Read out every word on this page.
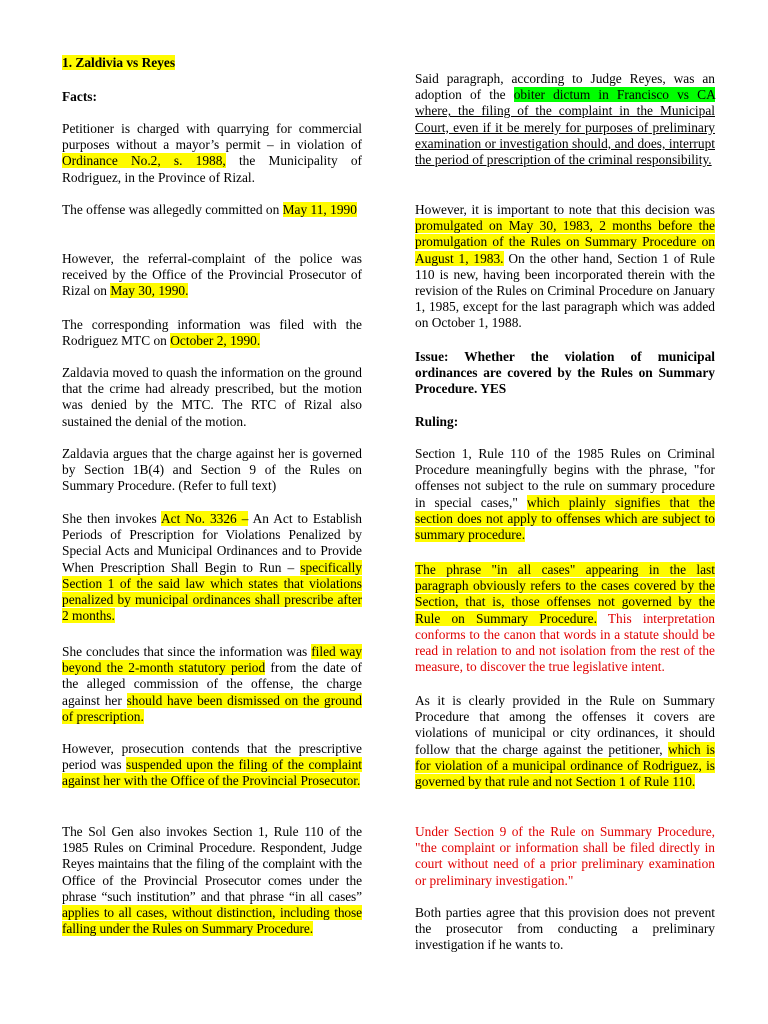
1. Zaldivia vs Reyes

Facts:

Petitioner is charged with quarrying for commercial purposes without a mayor’s permit – in violation of Ordinance No.2, s. 1988, the Municipality of Rodriguez, in the Province of Rizal.

The offense was allegedly committed on May 11, 1990

However, the referral-complaint of the police was received by the Office of the Provincial Prosecutor of Rizal on May 30, 1990.

The corresponding information was filed with the Rodriguez MTC on October 2, 1990.

Zaldavia moved to quash the information on the ground that the crime had already prescribed, but the motion was denied by the MTC. The RTC of Rizal also sustained the denial of the motion.

Zaldavia argues that the charge against her is governed by Section 1B(4) and Section 9 of the Rules on Summary Procedure. (Refer to full text)

She then invokes Act No. 3326 – An Act to Establish Periods of Prescription for Violations Penalized by Special Acts and Municipal Ordinances and to Provide When Prescription Shall Begin to Run – specifically Section 1 of the said law which states that violations penalized by municipal ordinances shall prescribe after 2 months.

She concludes that since the information was filed way beyond the 2-month statutory period from the date of the alleged commission of the offense, the charge against her should have been dismissed on the ground of prescription.

However, prosecution contends that the prescriptive period was suspended upon the filing of the complaint against her with the Office of the Provincial Prosecutor.

The Sol Gen also invokes Section 1, Rule 110 of the 1985 Rules on Criminal Procedure. Respondent, Judge Reyes maintains that the filing of the complaint with the Office of the Provincial Prosecutor comes under the phrase “such institution” and that phrase “in all cases” applies to all cases, without distinction, including those falling under the Rules on Summary Procedure.

Said paragraph, according to Judge Reyes, was an adoption of the obiter dictum in Francisco vs CA where, the filing of the complaint in the Municipal Court, even if it be merely for purposes of preliminary examination or investigation should, and does, interrupt the period of prescription of the criminal responsibility.

However, it is important to note that this decision was promulgated on May 30, 1983, 2 months before the promulgation of the Rules on Summary Procedure on August 1, 1983. On the other hand, Section 1 of Rule 110 is new, having been incorporated therein with the revision of the Rules on Criminal Procedure on January 1, 1985, except for the last paragraph which was added on October 1, 1988.

Issue: Whether the violation of municipal ordinances are covered by the Rules on Summary Procedure. YES

Ruling:

Section 1, Rule 110 of the 1985 Rules on Criminal Procedure meaningfully begins with the phrase, "for offenses not subject to the rule on summary procedure in special cases," which plainly signifies that the section does not apply to offenses which are subject to summary procedure.

The phrase "in all cases" appearing in the last paragraph obviously refers to the cases covered by the Section, that is, those offenses not governed by the Rule on Summary Procedure. This interpretation conforms to the canon that words in a statute should be read in relation to and not isolation from the rest of the measure, to discover the true legislative intent.

As it is clearly provided in the Rule on Summary Procedure that among the offenses it covers are violations of municipal or city ordinances, it should follow that the charge against the petitioner, which is for violation of a municipal ordinance of Rodriguez, is governed by that rule and not Section 1 of Rule 110.

Under Section 9 of the Rule on Summary Procedure, "the complaint or information shall be filed directly in court without need of a prior preliminary examination or preliminary investigation."

Both parties agree that this provision does not prevent the prosecutor from conducting a preliminary investigation if he wants to.
